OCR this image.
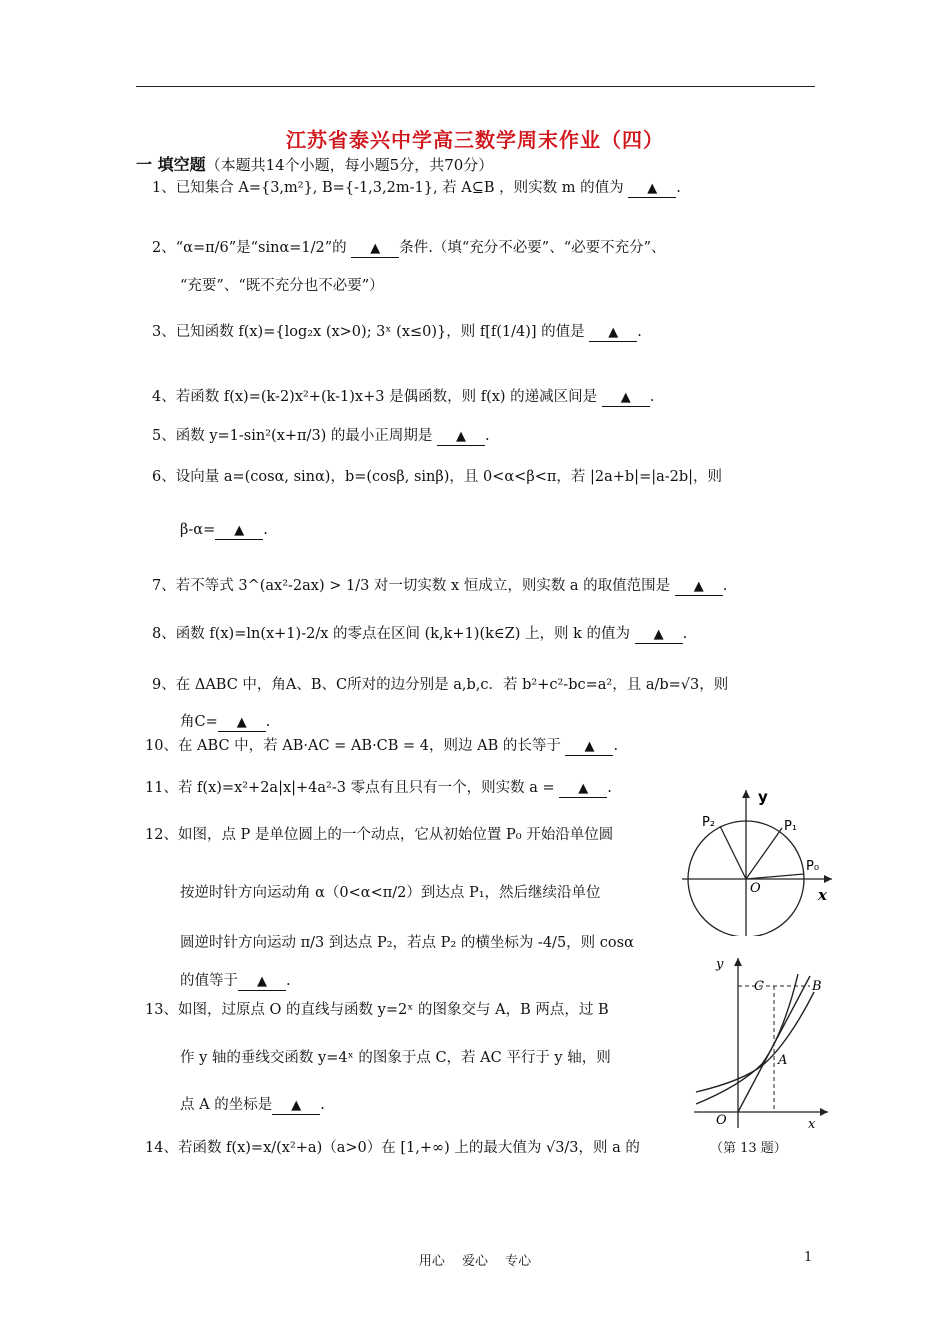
江苏省泰兴中学高三数学周末作业（四）
一 填空题（本题共14个小题，每小题5分，共70分）
1、已知集合 A={3,m²}, B={-1,3,2m-1}, 若 A⊆B ，则实数 m 的值为 ▲ .
2、“α=π/6”是“sinα=1/2”的 ▲ 条件.（填“充分不必要”、“必要不充分”、
“充要”、“既不充分也不必要”）
3、已知函数 f(x)={log₂x (x>0); 3ˣ (x≤0)}，则 f[f(1/4)] 的值是 ▲ .
4、若函数 f(x)=(k-2)x²+(k-1)x+3 是偶函数，则 f(x) 的递减区间是 ▲ .
5、函数 y=1-sin²(x+π/3) 的最小正周期是 ▲ .
6、设向量 a=(cosα, sinα)，b=(cosβ, sinβ)，且 0<α<β<π，若 |2a+b|=|a-2b|，则
β-α= ▲ .
7、若不等式 3^(ax²-2ax) > 1/3 对一切实数 x 恒成立，则实数 a 的取值范围是 ▲ .
8、函数 f(x)=ln(x+1)-2/x 的零点在区间 (k,k+1)(k∈Z) 上，则 k 的值为 ▲ .
9、在 ΔABC 中，角A、B、C所对的边分别是 a,b,c．若 b²+c²-bc=a²，且 a/b=√3，则
角C= ▲ .
10、在 ABC 中，若 AB·AC = AB·CB = 4，则边 AB 的长等于 ▲ .
11、若 f(x)=x²+2a|x|+4a²-3 零点有且只有一个，则实数 a = ▲ .
12、如图，点 P 是单位圆上的一个动点，它从初始位置 P₀ 开始沿单位圆
按逆时针方向运动角 α（0<α<π/2）到达点 P₁，然后继续沿单位
圆逆时针方向运动 π/3 到达点 P₂，若点 P₂ 的横坐标为 -4/5，则 cosα
的值等于 ▲ .
13、如图，过原点 O 的直线与函数 y=2ˣ 的图象交与 A，B 两点，过 B
作 y 轴的垂线交函数 y=4ˣ 的图象于点 C，若 AC 平行于 y 轴，则
点 A 的坐标是 ▲ .
14、若函数 f(x)=x/(x²+a)（a>0）在 [1,+∞) 上的最大值为 √3/3，则 a 的
y
x
O
P₀
P₁
P₂
y
x
O
A
B
C
（第 13 题）
用心　 爱心　 专心	1
